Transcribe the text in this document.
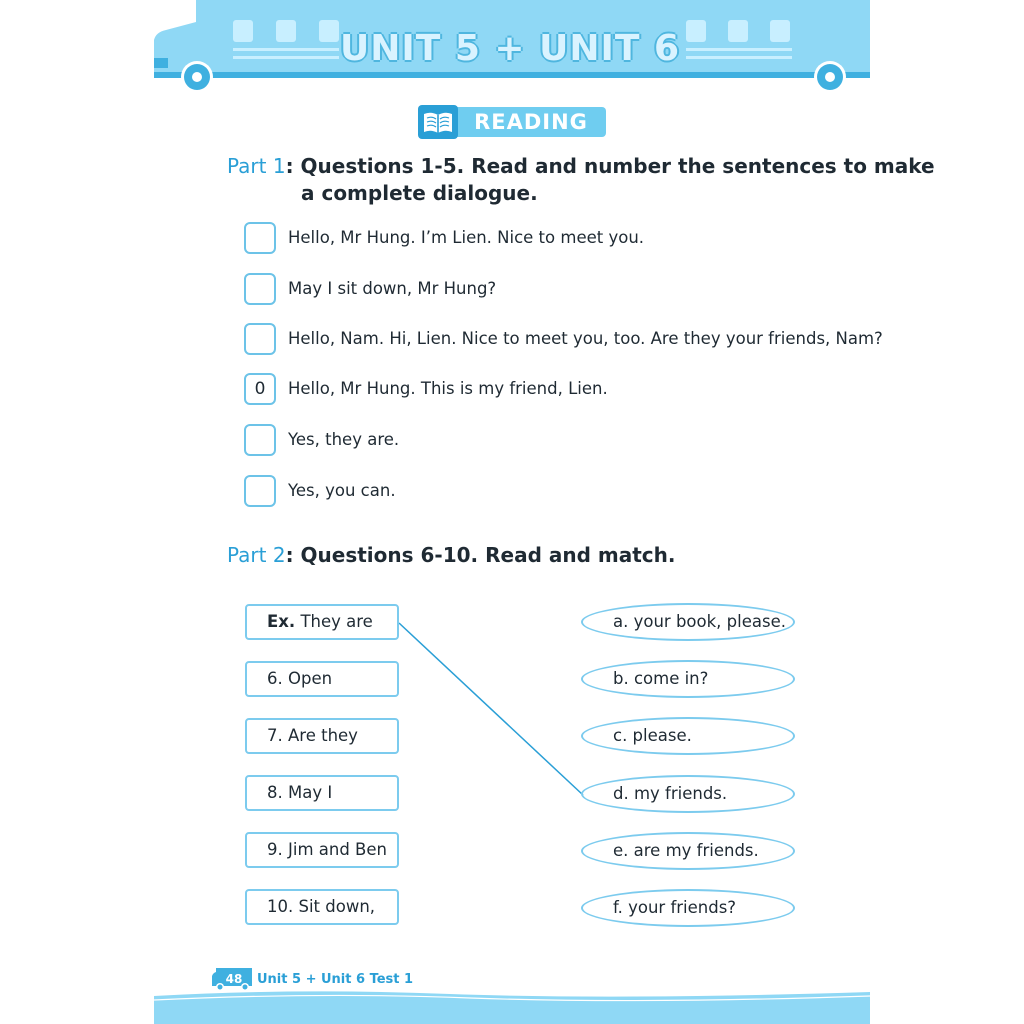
UNIT 5 + UNIT 6
READING
Part 1: Questions 1-5. Read and number the sentences to make
a complete dialogue.
Hello, Mr Hung. I’m Lien. Nice to meet you.
May I sit down, Mr Hung?
Hello, Nam. Hi, Lien. Nice to meet you, too. Are they your friends, Nam?
0	Hello, Mr Hung. This is my friend, Lien.
Yes, they are.
Yes, you can.
Part 2: Questions 6-10. Read and match.
Ex. They are
6. Open
7. Are they
8. May I
9. Jim and Ben
10. Sit down,
a. your book, please.
b. come in?
c. please.
d. my friends.
e. are my friends.
f. your friends?
48	Unit 5 + Unit 6 Test 1
